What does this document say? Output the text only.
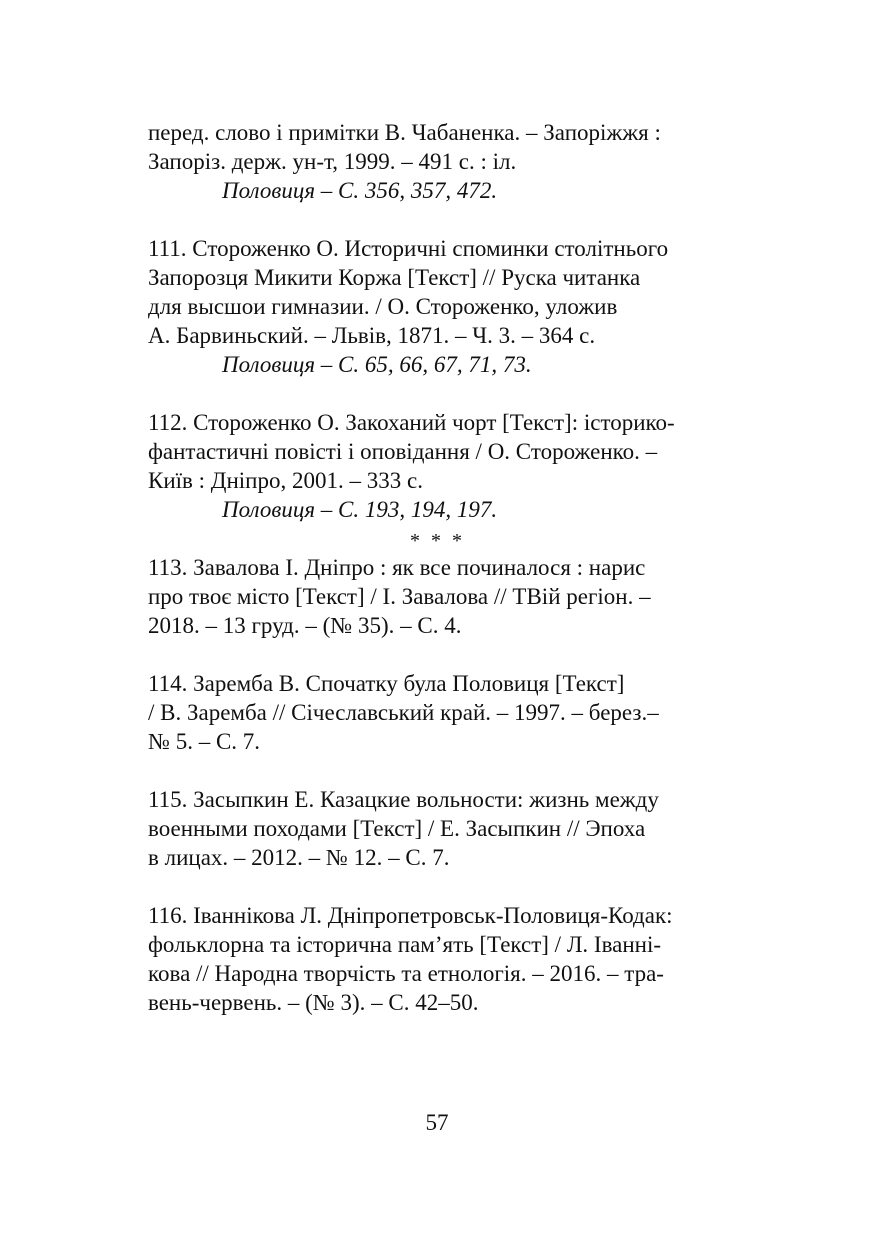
перед. слово і примітки В. Чабаненка. – Запоріжжя :

Запоріз. держ. ун-т, 1999. – 491 с. : іл.

Половиця – С. 356, 357, 472.

111. Стороженко О. Историчні споминки столітнього

Запорозця Микити Коржа [Текст] // Руска читанка

для высшои гимназии. / О. Стороженко, уложив

А. Барвиньский. – Львів, 1871. – Ч. 3. – 364 с.

Половиця – С. 65, 66, 67, 71, 73.

112. Стороженко О. Закоханий чорт [Текст]: історико-

фантастичні повісті і оповідання / О. Стороженко. –

Київ : Дніпро, 2001. – 333 с.

Половиця – С. 193, 194, 197.

* * *

113. Завалова І. Дніпро : як все починалося : нарис

про твоє місто [Текст] / І. Завалова // ТВій регіон. –

2018. – 13 груд. – (№ 35). – С. 4.

114. Заремба В. Спочатку була Половиця [Текст]

/ В. Заремба // Січеславський край. – 1997. – берез.–

№ 5. – С. 7.

115. Засыпкин Е. Казацкие вольности: жизнь между

военными походами [Текст] / Е. Засыпкин // Эпоха

в лицах. – 2012. – № 12. – С. 7.

116. Іваннікова Л. Дніпропетровськ-Половиця-Кодак:

фольклорна та історична пам’ять [Текст] / Л. Іванні-

кова // Народна творчість та етнологія. – 2016. – тра-

вень-червень. – (№ 3). – С. 42–50.

57
